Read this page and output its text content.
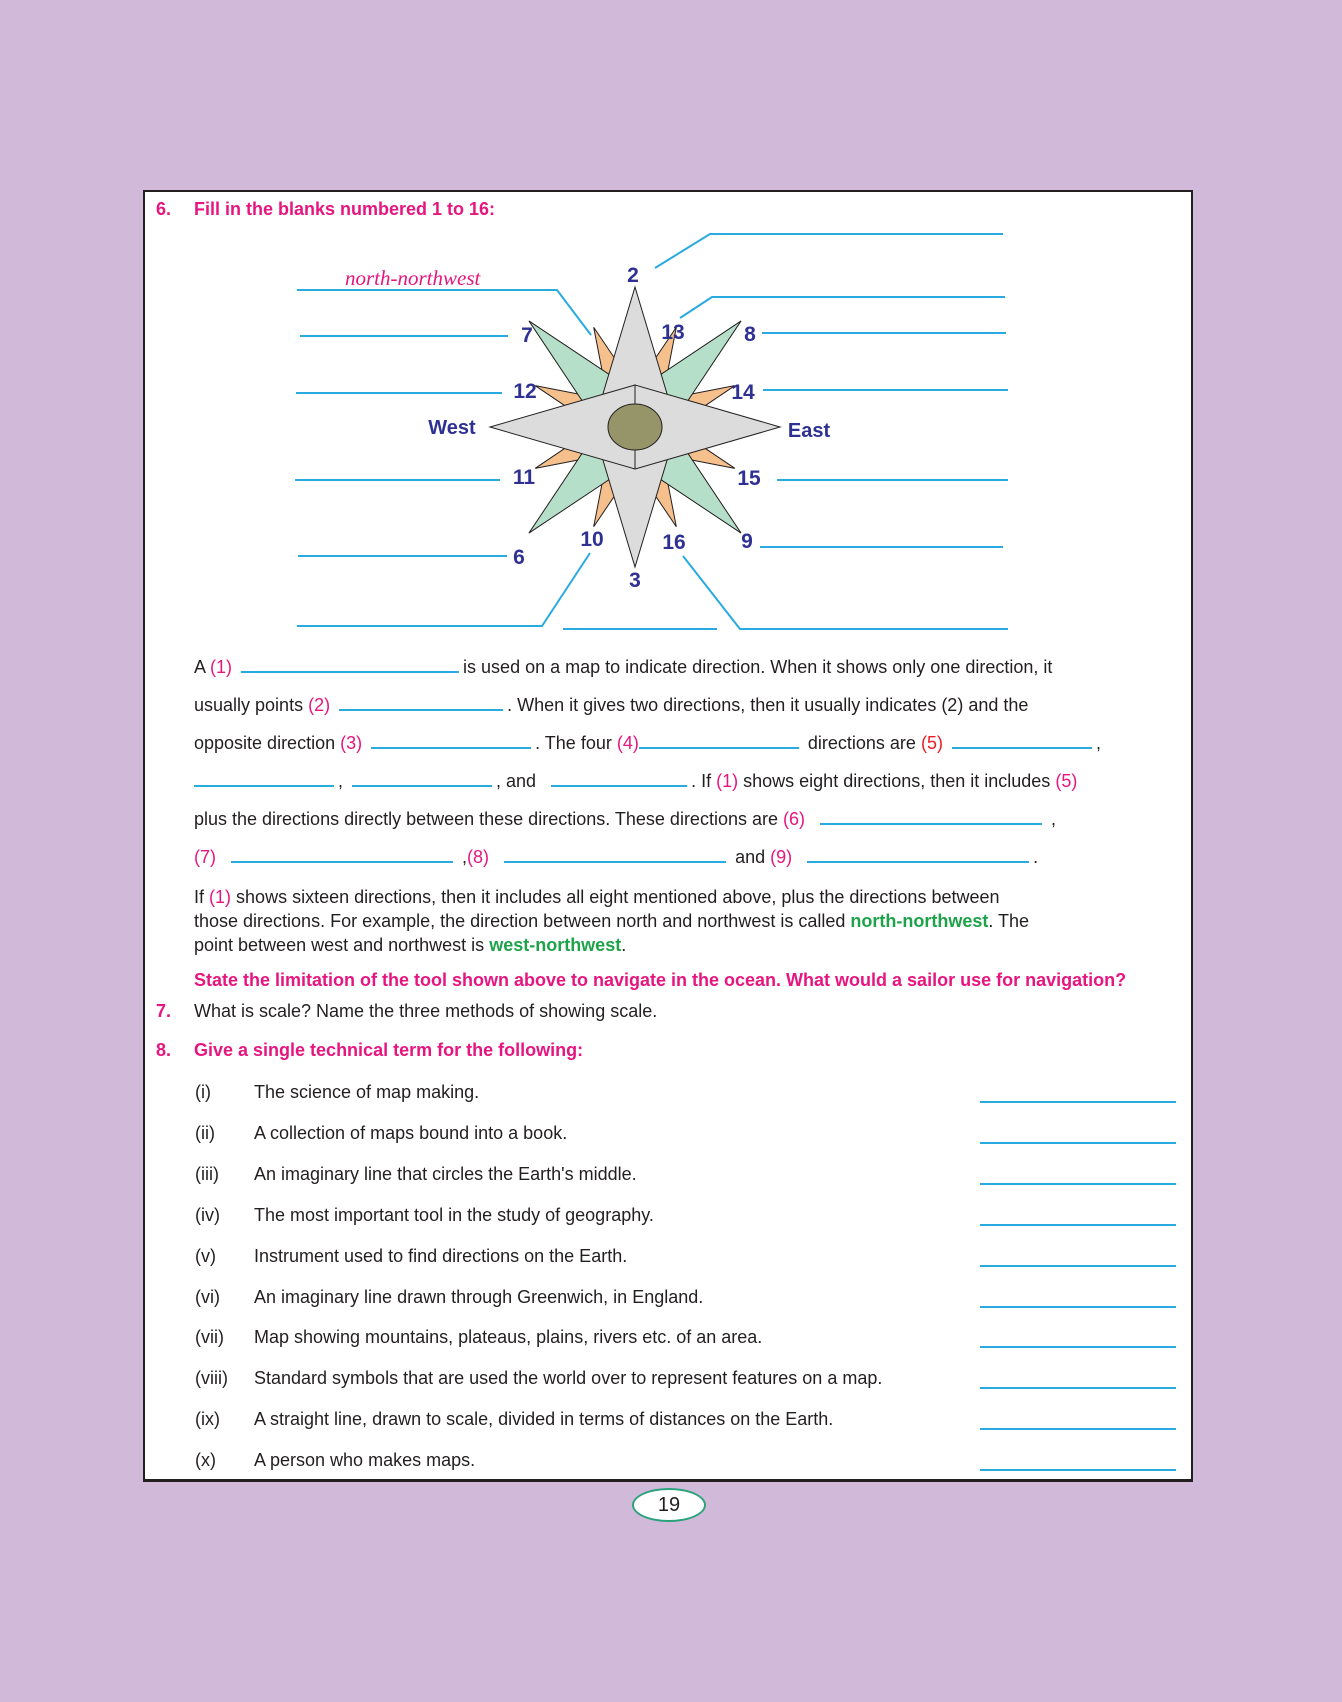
6. Fill in the blanks numbered 1 to 16:
2
3
6
7	8
9
10
11
12
13
14
15
16
West	East
north-northwest
A (1)	is used on a map to indicate direction. When it shows only one direction, it
usually points (2)	. When it gives two directions, then it usually indicates (2) and the
opposite direction (3)	. The four (4)	directions are (5)	,
,	, and	. If (1) shows eight directions, then it includes (5)
plus the directions directly between these directions. These directions are (6)	,
(7)	,(8)	and (9)	.
If (1) shows sixteen directions, then it includes all eight mentioned above, plus the directions between
those directions. For example, the direction between north and northwest is called north-northwest. The
point between west and northwest is west-northwest.
State the limitation of the tool shown above to navigate in the ocean. What would a sailor use for navigation?
7. What is scale? Name the three methods of showing scale.
8. Give a single technical term for the following:
(i) The science of map making.
(ii) A collection of maps bound into a book.
(iii) An imaginary line that circles the Earth's middle.
(iv) The most important tool in the study of geography.
(v) Instrument used to find directions on the Earth.
(vi) An imaginary line drawn through Greenwich, in England.
(vii) Map showing mountains, plateaus, plains, rivers etc. of an area.
(viii) Standard symbols that are used the world over to represent features on a map.
(ix) A straight line, drawn to scale, divided in terms of distances on the Earth.
(x) A person who makes maps.
19
